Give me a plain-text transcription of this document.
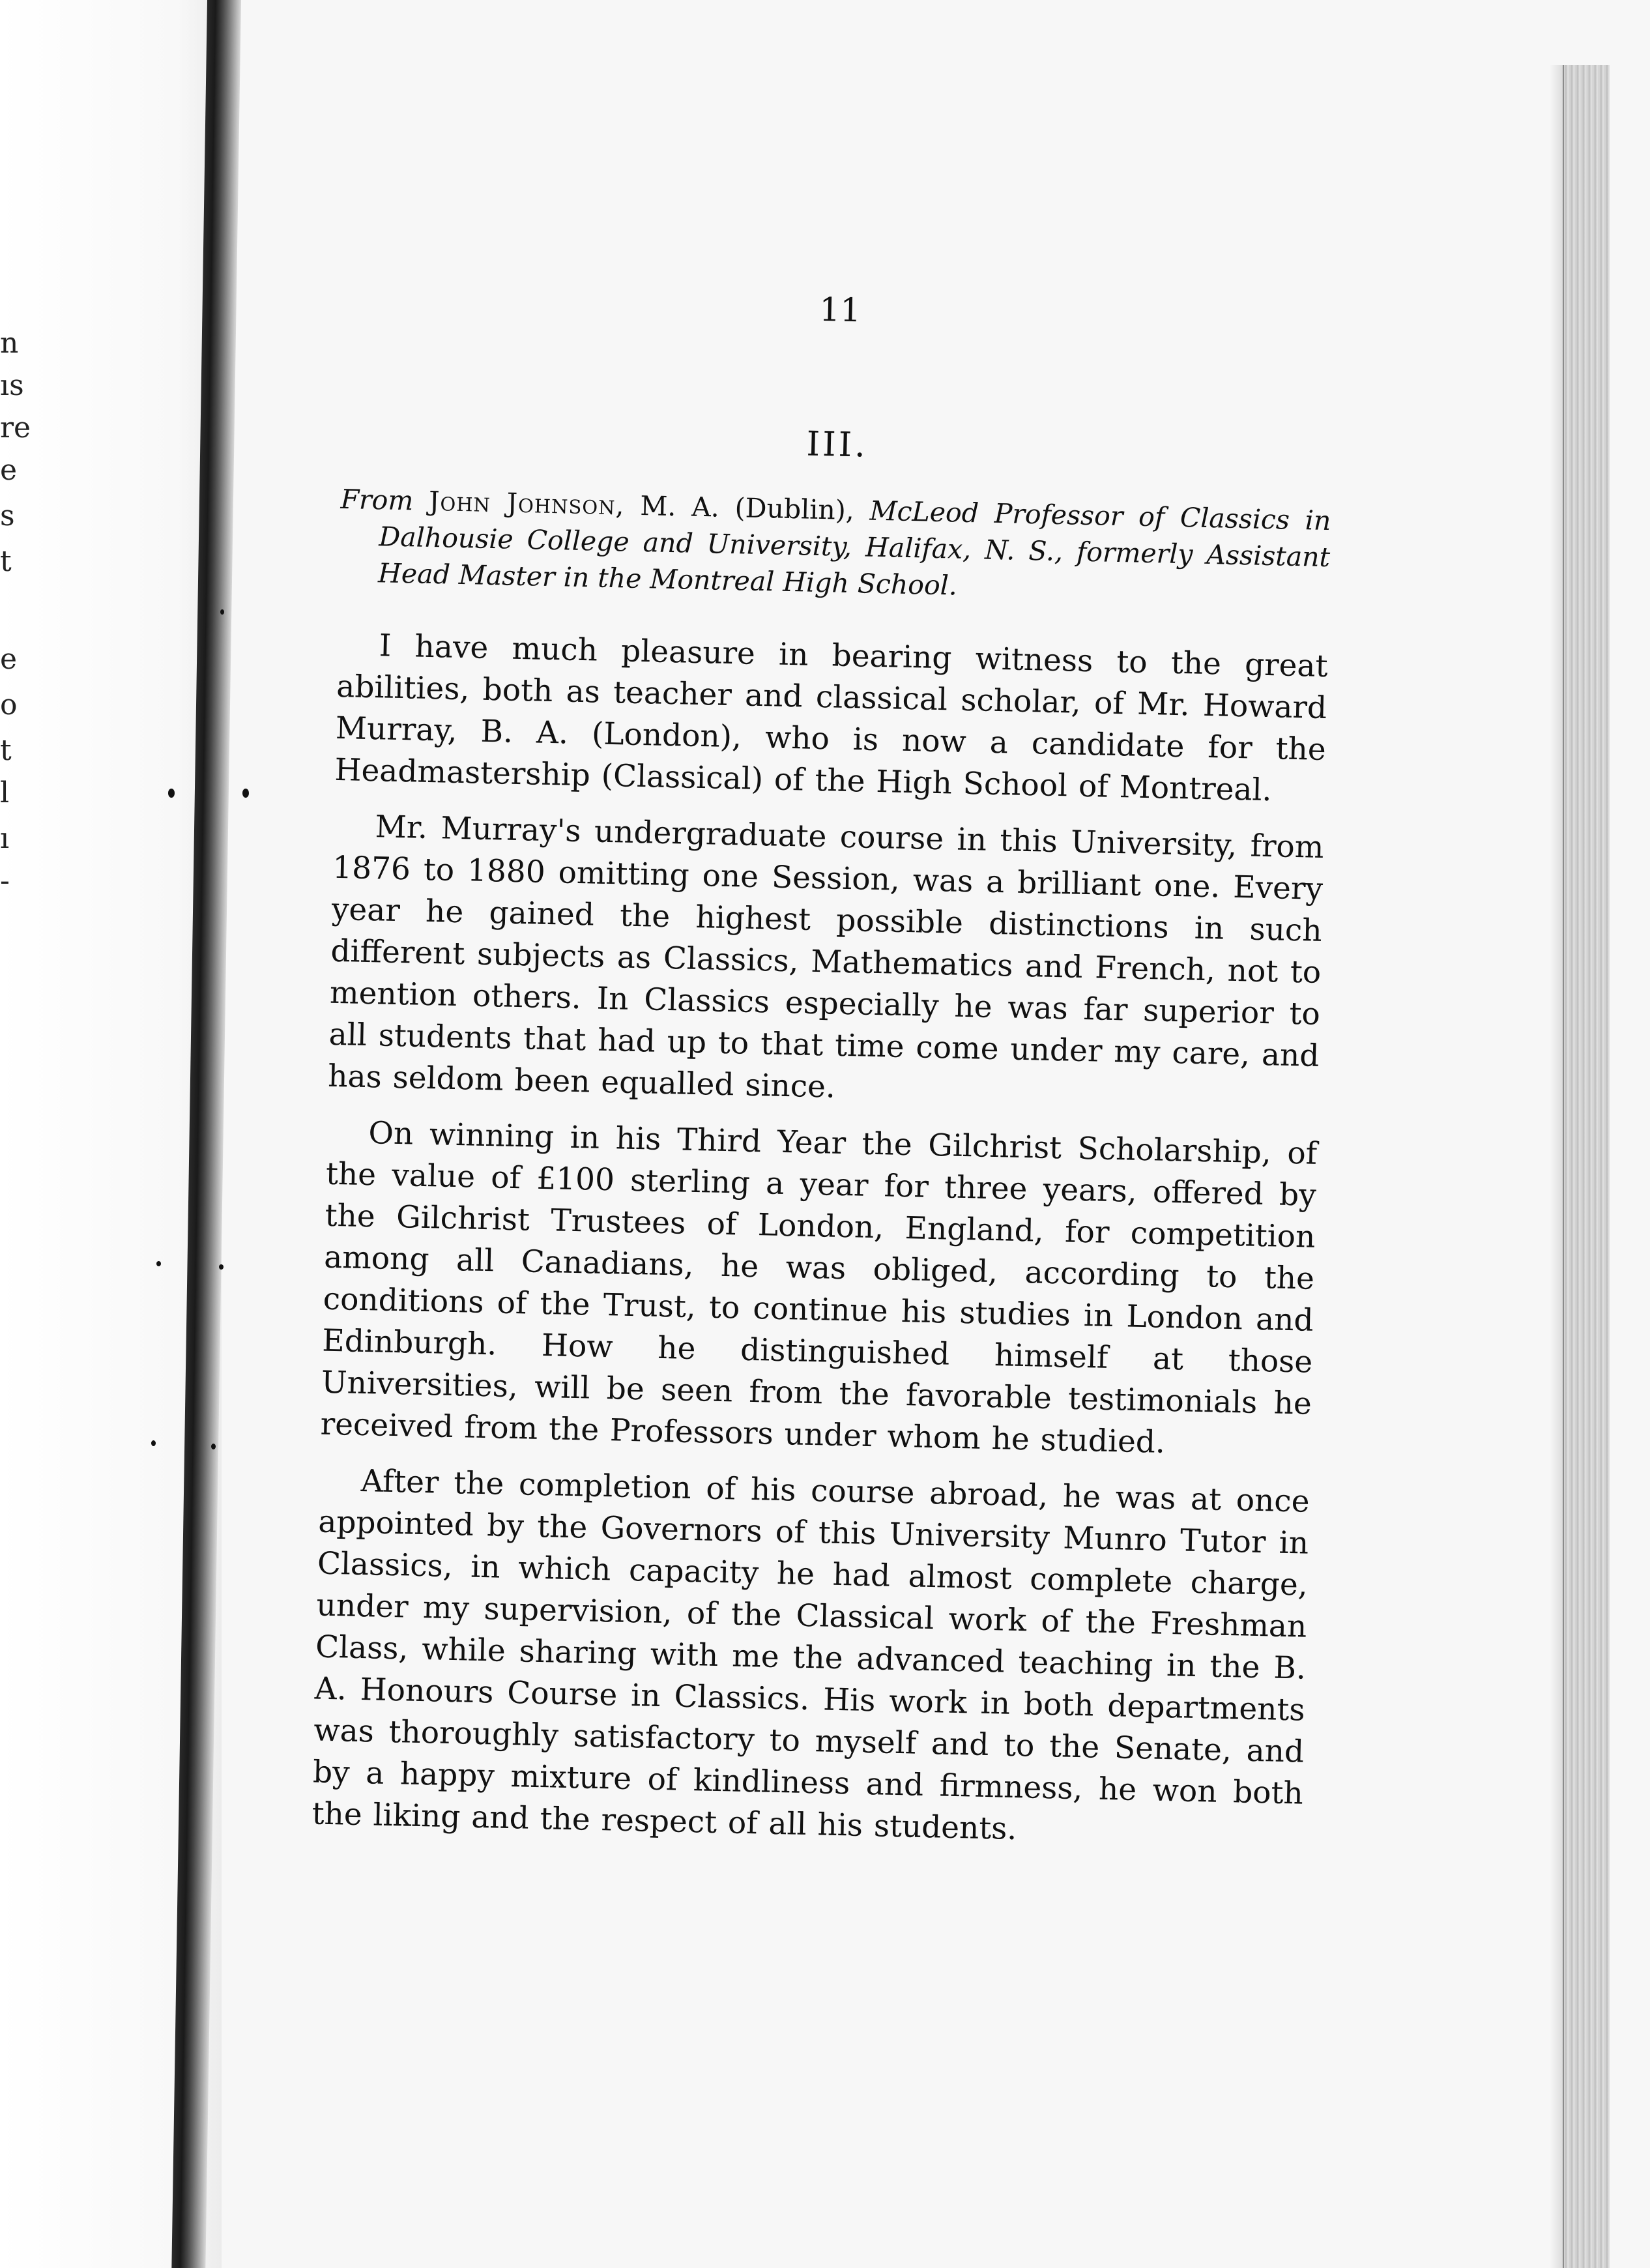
n
ıs
re
e
s
t
e
o
t
l
ı
-
11
III.

From John Johnson, M. A. (Dublin), McLeod Professor of Classics in Dalhousie College and University, Halifax, N. S., formerly Assistant Head Master in the Montreal High School.

I have much pleasure in bearing witness to the great abilities, both as teacher and classical scholar, of Mr. Howard Murray, B. A. (London), who is now a candidate for the Headmastership (Classical) of the High School of Montreal.

Mr. Murray's undergraduate course in this University, from 1876 to 1880 omitting one Session, was a brilliant one. Every year he gained the highest possible distinctions in such different subjects as Classics, Mathematics and French, not to mention others. In Classics especially he was far superior to all students that had up to that time come under my care, and has seldom been equalled since.

On winning in his Third Year the Gilchrist Scholarship, of the value of £100 sterling a year for three years, offered by the Gilchrist Trustees of London, England, for competition among all Canadians, he was obliged, according to the conditions of the Trust, to continue his studies in London and Edinburgh. How he distinguished himself at those Universities, will be seen from the favorable testimonials he received from the Professors under whom he studied.

After the completion of his course abroad, he was at once appointed by the Governors of this University Munro Tutor in Classics, in which capacity he had almost complete charge, under my supervision, of the Classical work of the Freshman Class, while sharing with me the advanced teaching in the B. A. Honours Course in Classics. His work in both departments was thoroughly satisfactory to myself and to the Senate, and by a happy mixture of kindliness and firmness, he won both the liking and the respect of all his students.
